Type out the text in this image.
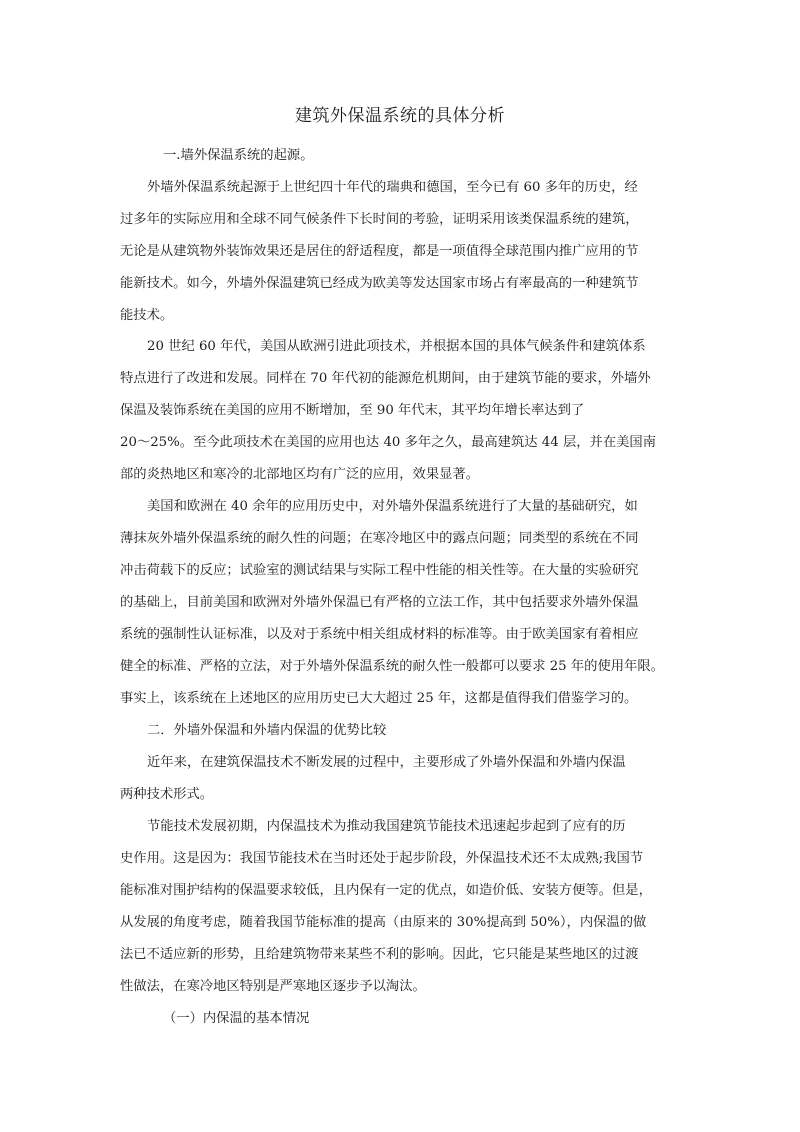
建筑外保温系统的具体分析
一.墙外保温系统的起源。
外墙外保温系统起源于上世纪四十年代的瑞典和德国，至今已有 60 多年的历史，经
过多年的实际应用和全球不同气候条件下长时间的考验，证明采用该类保温系统的建筑，
无论是从建筑物外装饰效果还是居住的舒适程度，都是一项值得全球范围内推广应用的节
能新技术。如今，外墙外保温建筑已经成为欧美等发达国家市场占有率最高的一种建筑节
能技术。
20 世纪 60 年代，美国从欧洲引进此项技术，并根据本国的具体气候条件和建筑体系
特点进行了改进和发展。同样在 70 年代初的能源危机期间，由于建筑节能的要求，外墙外
保温及装饰系统在美国的应用不断增加，至 90 年代末，其平均年增长率达到了
20～25%。至今此项技术在美国的应用也达 40 多年之久，最高建筑达 44 层，并在美国南
部的炎热地区和寒冷的北部地区均有广泛的应用，效果显著。
美国和欧洲在 40 余年的应用历史中，对外墙外保温系统进行了大量的基础研究，如
薄抹灰外墙外保温系统的耐久性的问题；在寒冷地区中的露点问题；同类型的系统在不同
冲击荷载下的反应；试验室的测试结果与实际工程中性能的相关性等。在大量的实验研究
的基础上，目前美国和欧洲对外墙外保温已有严格的立法工作，其中包括要求外墙外保温
系统的强制性认证标准，以及对于系统中相关组成材料的标准等。由于欧美国家有着相应
健全的标准、严格的立法，对于外墙外保温系统的耐久性一般都可以要求 25 年的使用年限。
事实上，该系统在上述地区的应用历史已大大超过 25 年，这都是值得我们借鉴学习的。
二．外墙外保温和外墙内保温的优势比较
近年来，在建筑保温技术不断发展的过程中，主要形成了外墙外保温和外墙内保温
两种技术形式。
节能技术发展初期，内保温技术为推动我国建筑节能技术迅速起步起到了应有的历
史作用。这是因为：我国节能技术在当时还处于起步阶段，外保温技术还不太成熟;我国节
能标准对围护结构的保温要求较低，且内保有一定的优点，如造价低、安装方便等。但是，
从发展的角度考虑，随着我国节能标准的提高（由原来的 30%提高到 50%），内保温的做
法已不适应新的形势，且给建筑物带来某些不利的影响。因此，它只能是某些地区的过渡
性做法，在寒冷地区特别是严寒地区逐步予以淘汰。
（一）内保温的基本情况
